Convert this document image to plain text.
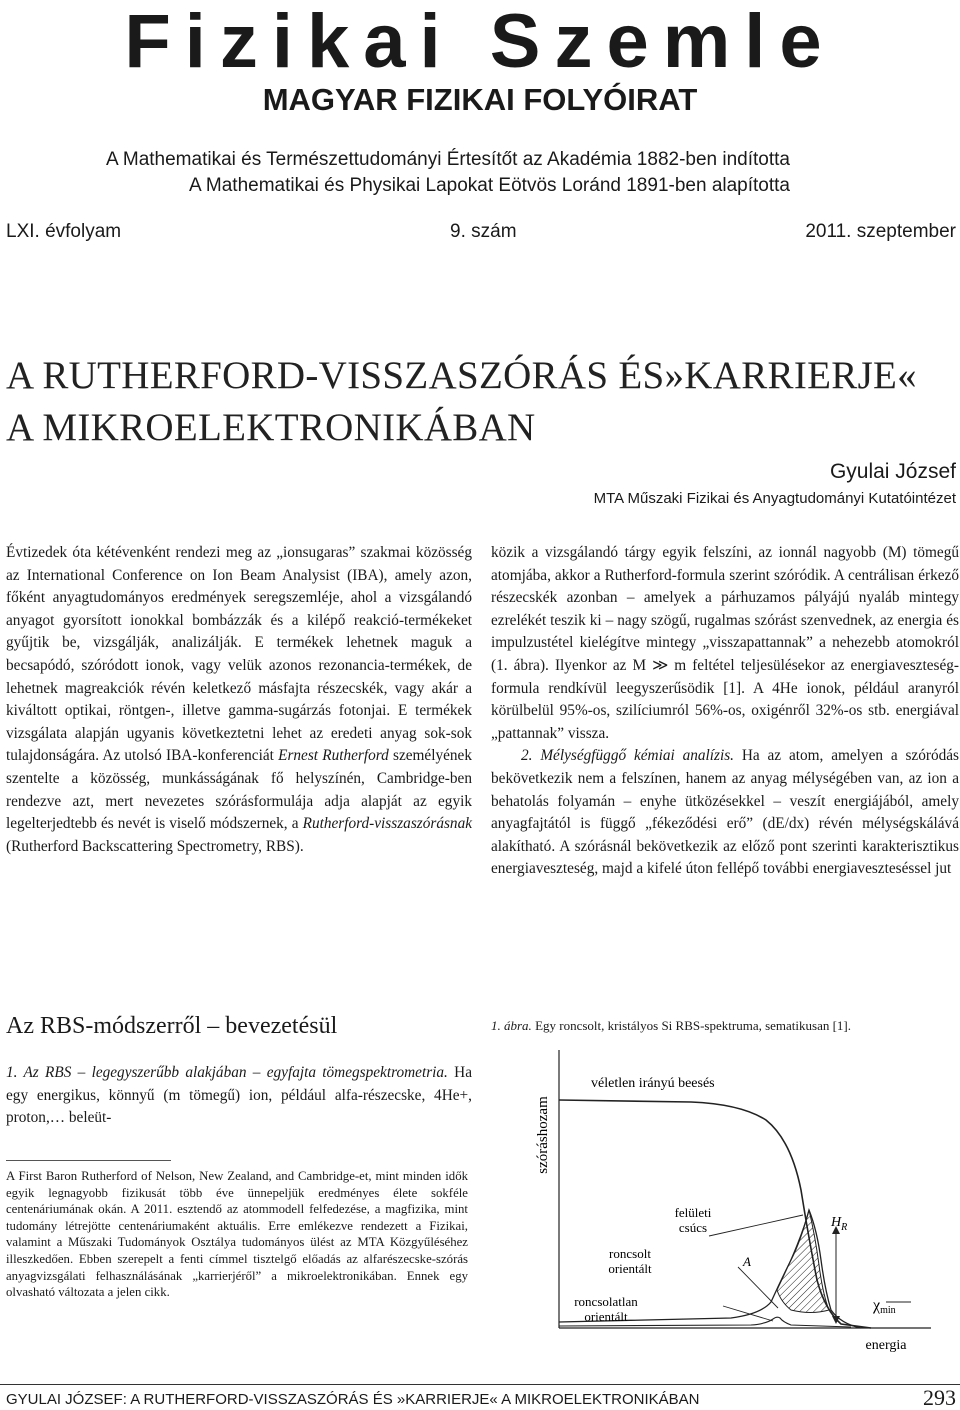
Fizikai Szemle
MAGYAR FIZIKAI FOLYÓIRAT
A Mathematikai és Természettudományi Értesítőt az Akadémia 1882-ben indította
A Mathematikai és Physikai Lapokat Eötvös Loránd 1891-ben alapította
LXI. évfolyam	9. szám	2011. szeptember
A RUTHERFORD-VISSZASZÓRÁS ÉS»KARRIERJE«
A MIKROELEKTRONIKÁBAN
Gyulai József
MTA Műszaki Fizikai és Anyagtudományi Kutatóintézet

Évtizedek óta kétévenként rendezi meg az „ionsugaras” szakmai közösség az International Conference on Ion Beam Analysist (IBA), amely azon, főként anyagtudományos eredmények seregszemléje, ahol a vizsgálandó anyagot gyorsított ionokkal bombázzák és a kilépő reakció-termékeket gyűjtik be, vizsgálják, analizálják. E termékek lehetnek maguk a becsapódó, szóródott ionok, vagy velük azonos rezonancia-termékek, de lehetnek magreakciók révén keletkező másfajta részecskék, vagy akár a kiváltott optikai, röntgen-, illetve gamma-sugárzás fotonjai. E termékek vizsgálata alapján ugyanis következtetni lehet az eredeti anyag sok-sok tulajdonságára. Az utolsó IBA-konferenciát Ernest Rutherford személyének szentelte a közösség, munkásságának fő helyszínén, Cambridge-ben rendezve azt, mert nevezetes szórásformulája adja alapját az egyik legelterjedtebb és nevét is viselő módszernek, a Rutherford-visszaszórásnak (Rutherford Backscattering Spectrometry, RBS).

Az RBS-módszerről – bevezetésül

1. Az RBS – legegyszerűbb alakjában – egyfajta tömegspektrometria. Ha egy energikus, könnyű (m tömegű) ion, például alfa-részecske, 4He+, proton,… beleüt-

A First Baron Rutherford of Nelson, New Zealand, and Cambridge-et, mint minden idők egyik legnagyobb fizikusát több éve ünnepeljük eredményes élete sokféle centenáriumának okán. A 2011. esztendő az atommodell felfedezése, a magfizika, mint tudomány létrejötte centenáriumaként aktuális. Erre emlékezve rendezett a Fizikai, valamint a Műszaki Tudományok Osztálya tudományos ülést az MTA Közgyűléséhez illeszkedően. Ebben szerepelt a fenti címmel tisztelgő előadás az alfarészecske-szórás anyagvizsgálati felhasználásának „karrierjéről” a mikroelektronikában. Ennek egy olvasható változata a jelen cikk.

közik a vizsgálandó tárgy egyik felszíni, az ionnál nagyobb (M) tömegű atomjába, akkor a Rutherford-formula szerint szóródik. A centrálisan érkező részecskék azonban – amelyek a párhuzamos pályájú nyaláb mintegy ezrelékét teszik ki – nagy szögű, rugalmas szórást szenvednek, az energia és impulzustétel kielégítve mintegy „visszapattannak” a nehezebb atomokról (1. ábra). Ilyenkor az M ≫ m feltétel teljesülésekor az energiaveszteség-formula rendkívül leegyszerűsödik [1]. A 4He ionok, például aranyról körülbelül 95%-os, szilíciumról 56%-os, oxigénről 32%-os stb. energiával „pattannak” vissza.

2. Mélységfüggő kémiai analízis. Ha az atom, amelyen a szóródás bekövetkezik nem a felszínen, hanem az anyag mélységében van, az ion a behatolás folyamán – enyhe ütközésekkel – veszít energiájából, amely anyagfajtától is függő „fékeződési erő” (dE/dx) révén mélységskálává alakítható. A szórásnál bekövetkezik az előző pont szerinti karakterisztikus energiaveszteség, majd a kifelé úton fellépő további energiaveszteséssel jut

1. ábra. Egy roncsolt, kristályos Si RBS-spektruma, sematikusan [1].
szóráshozam
véletlen irányú beesés
felületi
csúcs
roncsolt
orientált
roncsolatlan
orientált
$H_R$
A
χmin
energia
GYULAI JÓZSEF: A RUTHERFORD-VISSZASZÓRÁS ÉS »KARRIERJE« A MIKROELEKTRONIKÁBAN	293
